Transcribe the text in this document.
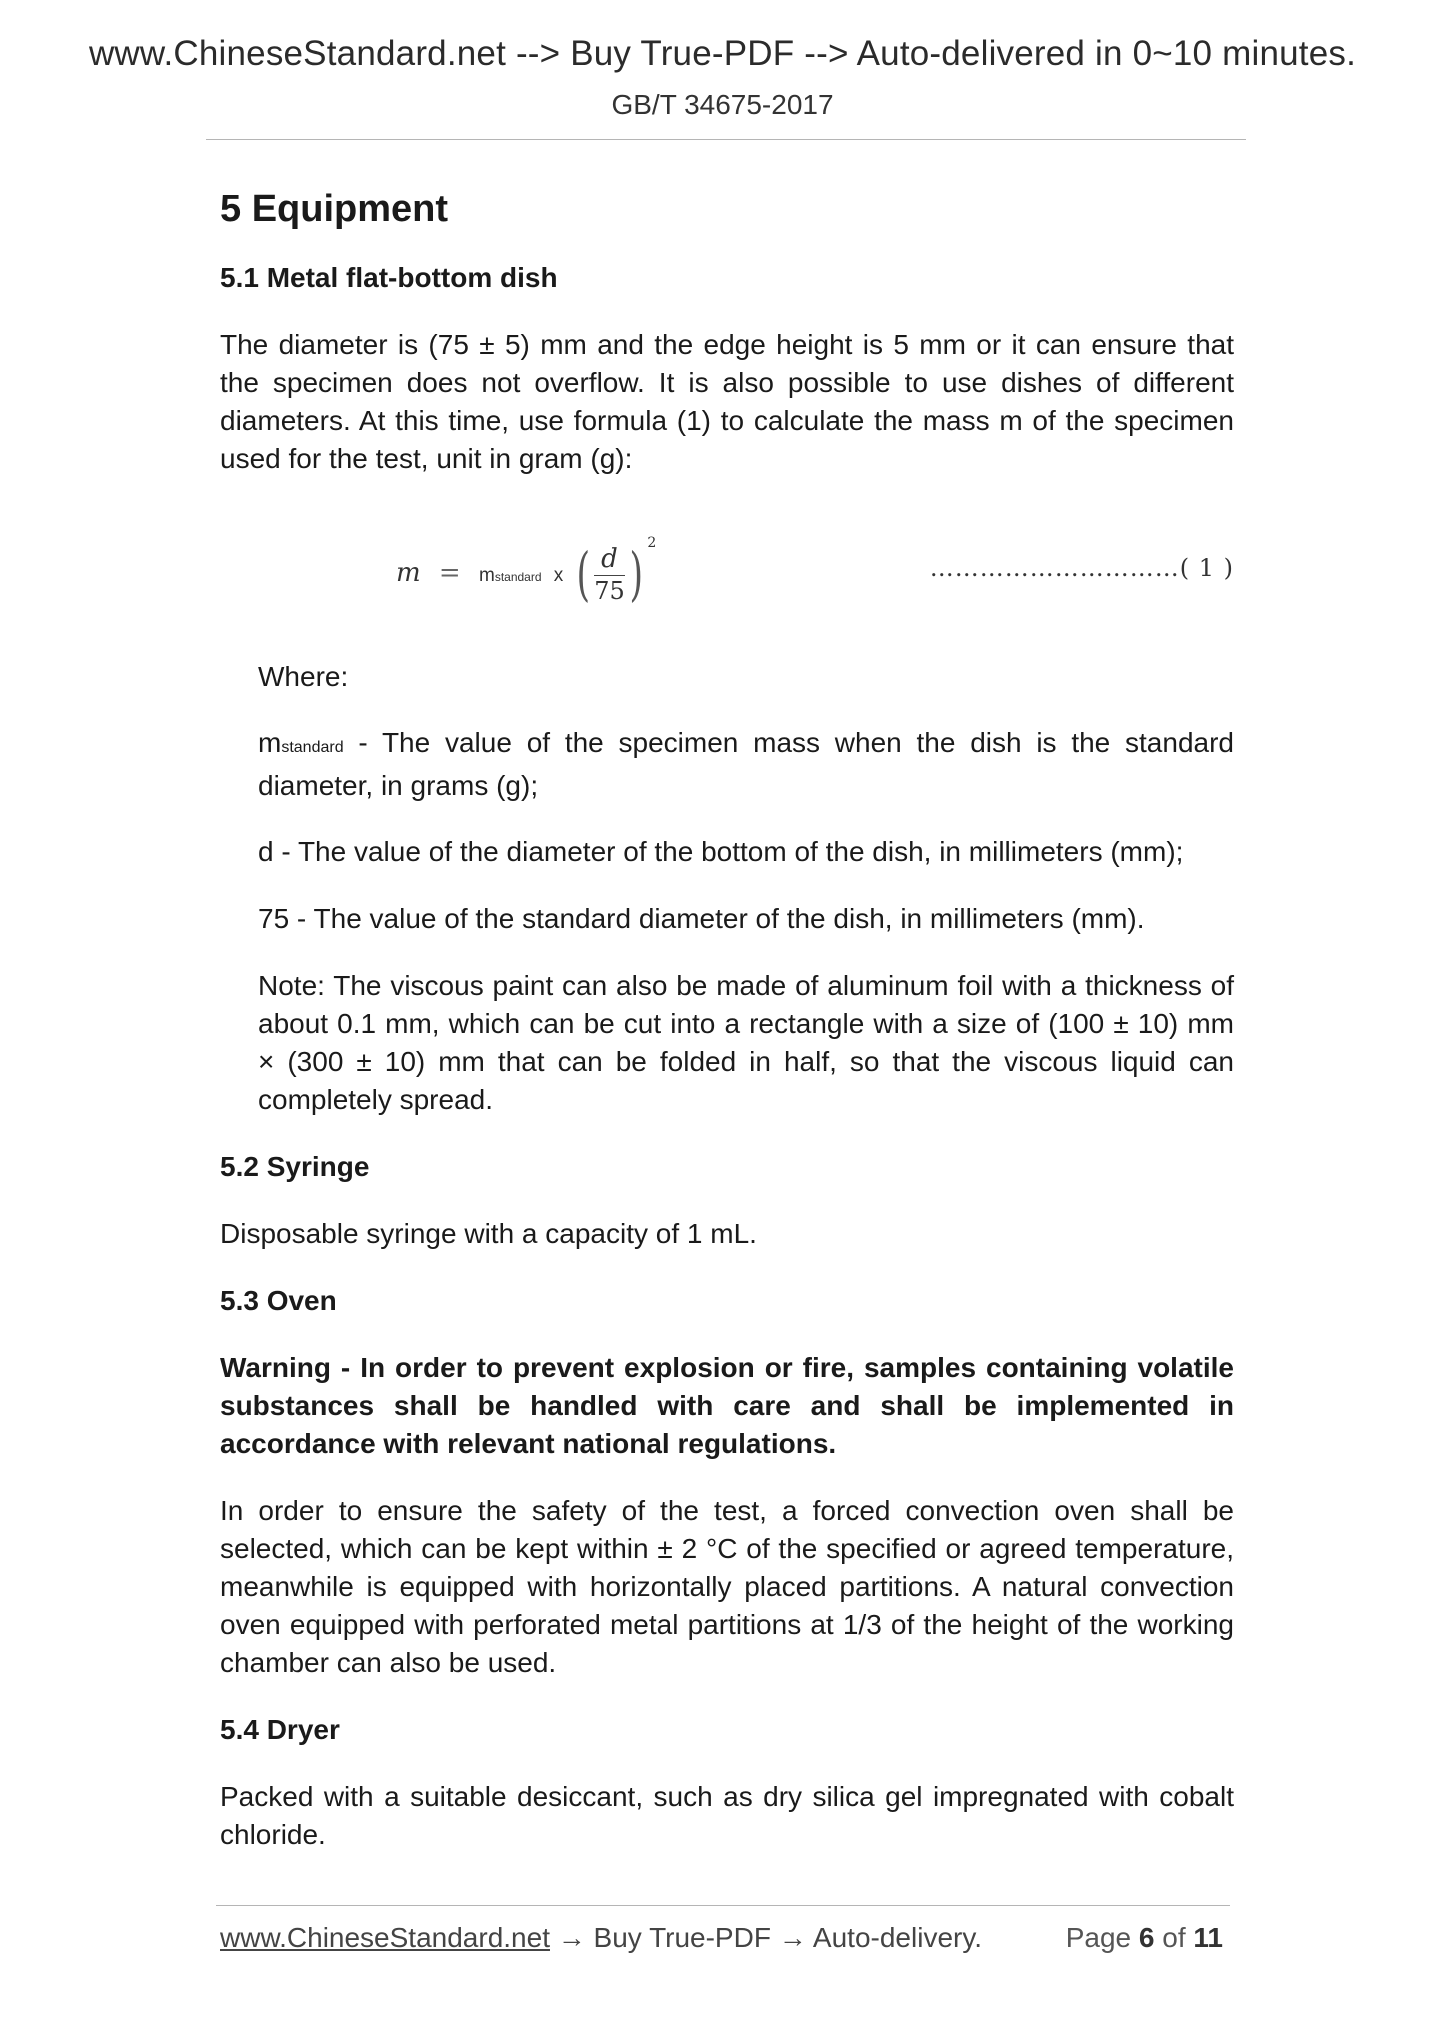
www.ChineseStandard.net --> Buy True-PDF --> Auto-delivered in 0~10 minutes.
GB/T 34675-2017
5 Equipment
5.1 Metal flat-bottom dish

The diameter is (75 ± 5) mm and the edge height is 5 mm or it can ensure that the specimen does not overflow. It is also possible to use dishes of different diameters. At this time, use formula (1) to calculate the mass m of the specimen used for the test, unit in gram (g):

m = mstandard x ( $\frac{d}{75}$ ) $^2$
…………………………( 1 )

Where:

mstandard - The value of the specimen mass when the dish is the standard diameter, in grams (g);

d - The value of the diameter of the bottom of the dish, in millimeters (mm);

75 - The value of the standard diameter of the dish, in millimeters (mm).

Note: The viscous paint can also be made of aluminum foil with a thickness of about 0.1 mm, which can be cut into a rectangle with a size of (100 ± 10) mm × (300 ± 10) mm that can be folded in half, so that the viscous liquid can completely spread.

5.2 Syringe

Disposable syringe with a capacity of 1 mL.

5.3 Oven

Warning - In order to prevent explosion or fire, samples containing volatile substances shall be handled with care and shall be implemented in accordance with relevant national regulations.

In order to ensure the safety of the test, a forced convection oven shall be selected, which can be kept within ± 2 °C of the specified or agreed temperature, meanwhile is equipped with horizontally placed partitions. A natural convection oven equipped with perforated metal partitions at 1/3 of the height of the working chamber can also be used.

5.4 Dryer

Packed with a suitable desiccant, such as dry silica gel impregnated with cobalt chloride.

www.ChineseStandard.net → Buy True-PDF → Auto-delivery.	Page 6 of 11
